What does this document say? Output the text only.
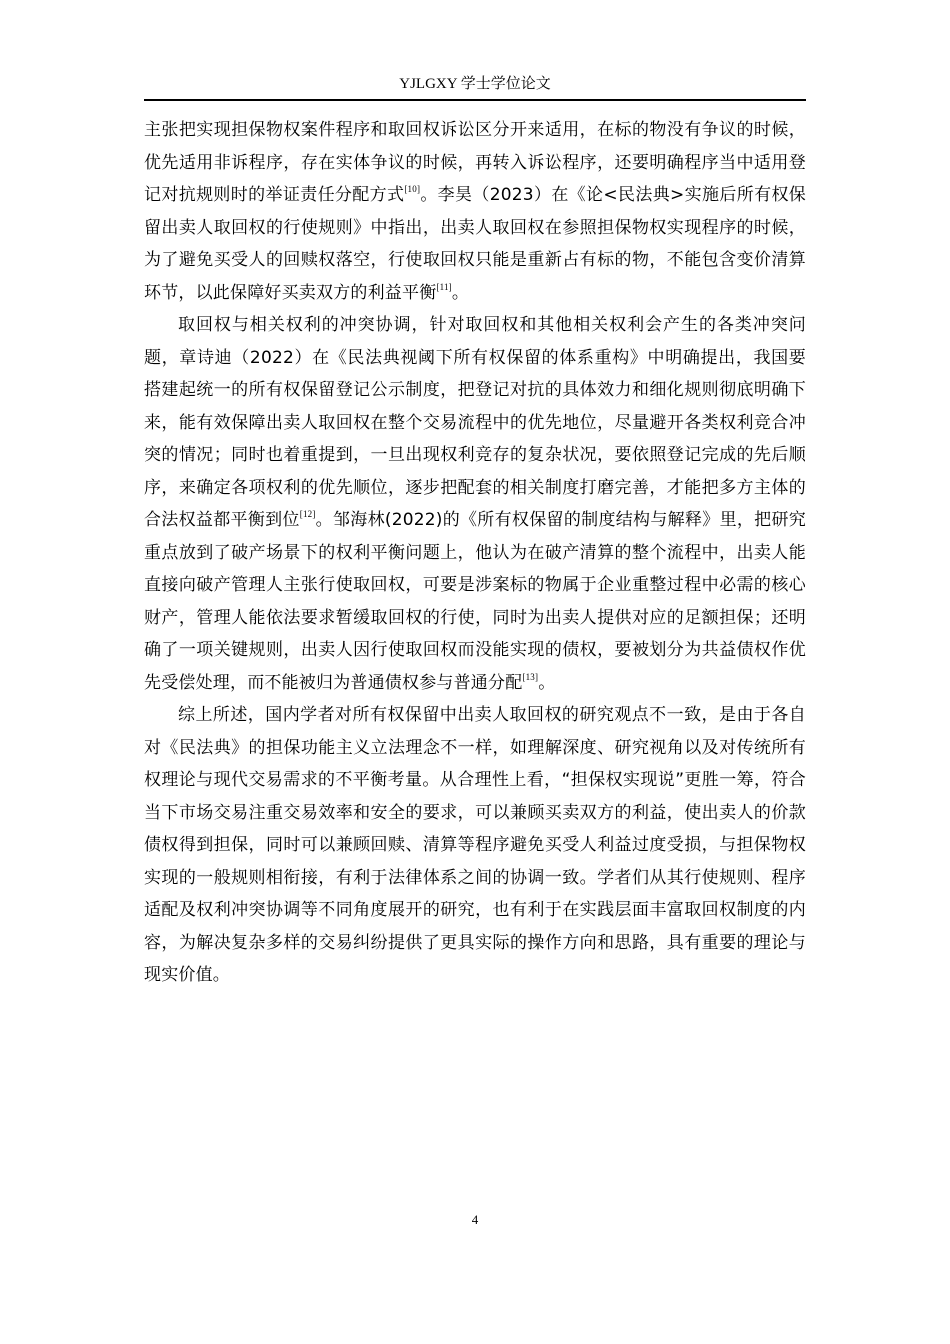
YJLGXY 学士学位论文

主张把实现担保物权案件程序和取回权诉讼区分开来适用，在标的物没有争议的时候，优先适用非诉程序，存在实体争议的时候，再转入诉讼程序，还要明确程序当中适用登记对抗规则时的举证责任分配方式[10]。李昊（2023）在《论<民法典>实施后所有权保留出卖人取回权的行使规则》中指出，出卖人取回权在参照担保物权实现程序的时候，为了避免买受人的回赎权落空，行使取回权只能是重新占有标的物，不能包含变价清算环节，以此保障好买卖双方的利益平衡[11]。

取回权与相关权利的冲突协调，针对取回权和其他相关权利会产生的各类冲突问题，章诗迪（2022）在《民法典视阈下所有权保留的体系重构》中明确提出，我国要搭建起统一的所有权保留登记公示制度，把登记对抗的具体效力和细化规则彻底明确下来，能有效保障出卖人取回权在整个交易流程中的优先地位，尽量避开各类权利竞合冲突的情况；同时也着重提到，一旦出现权利竞存的复杂状况，要依照登记完成的先后顺序，来确定各项权利的优先顺位，逐步把配套的相关制度打磨完善，才能把多方主体的合法权益都平衡到位[12]。邹海林(2022)的《所有权保留的制度结构与解释》里，把研究重点放到了破产场景下的权利平衡问题上，他认为在破产清算的整个流程中，出卖人能直接向破产管理人主张行使取回权，可要是涉案标的物属于企业重整过程中必需的核心财产，管理人能依法要求暂缓取回权的行使，同时为出卖人提供对应的足额担保；还明确了一项关键规则，出卖人因行使取回权而没能实现的债权，要被划分为共益债权作优先受偿处理，而不能被归为普通债权参与普通分配[13]。

综上所述，国内学者对所有权保留中出卖人取回权的研究观点不一致，是由于各自对《民法典》的担保功能主义立法理念不一样，如理解深度、研究视角以及对传统所有权理论与现代交易需求的不平衡考量。从合理性上看，“担保权实现说”更胜一筹，符合当下市场交易注重交易效率和安全的要求，可以兼顾买卖双方的利益，使出卖人的价款债权得到担保，同时可以兼顾回赎、清算等程序避免买受人利益过度受损，与担保物权实现的一般规则相衔接，有利于法律体系之间的协调一致。学者们从其行使规则、程序适配及权利冲突协调等不同角度展开的研究，也有利于在实践层面丰富取回权制度的内容，为解决复杂多样的交易纠纷提供了更具实际的操作方向和思路，具有重要的理论与现实价值。

4
